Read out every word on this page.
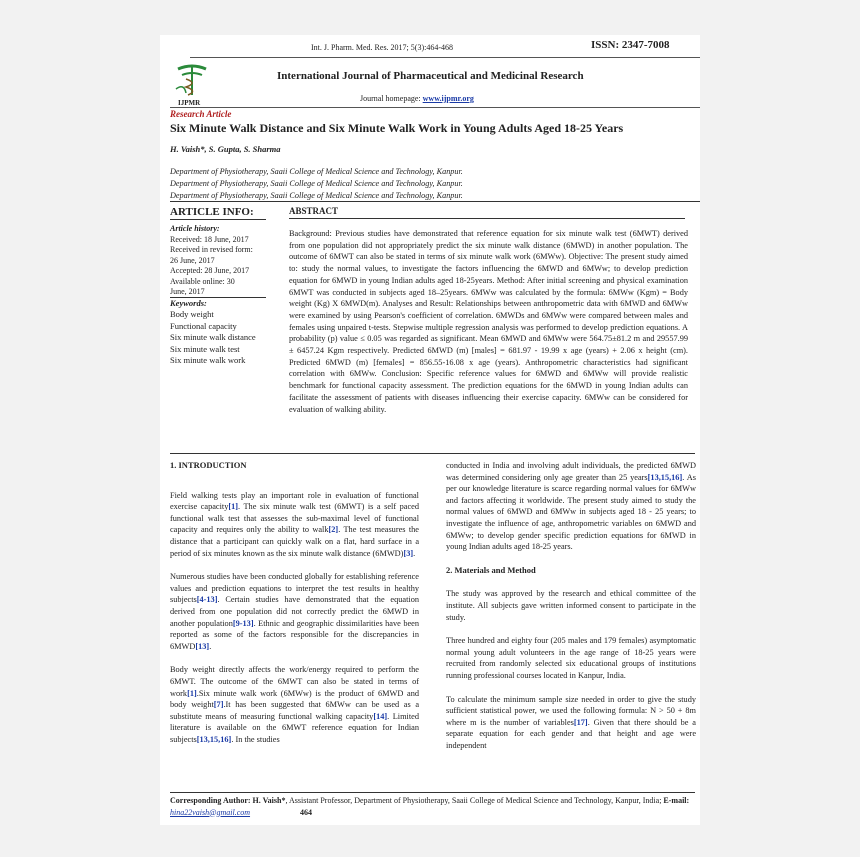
Int. J. Pharm. Med. Res. 2017; 5(3):464-468	ISSN: 2347-7008
IJPMR
International Journal of Pharmaceutical and Medicinal Research
Journal homepage: www.ijpmr.org
Research Article
Six Minute Walk Distance and Six Minute Walk Work in Young Adults Aged 18-25 Years
H. Vaish*, S. Gupta, S. Sharma
Department of Physiotherapy, Saaii College of Medical Science and Technology, Kanpur.
Department of Physiotherapy, Saaii College of Medical Science and Technology, Kanpur.
Department of Physiotherapy, Saaii College of Medical Science and Technology, Kanpur.
ARTICLE INFO:
Article history:
Received: 18 June, 2017
Received in revised form:
26 June, 2017
Accepted: 28 June, 2017
Available online: 30
June, 2017
Keywords:
Body weight
Functional capacity
Six minute walk distance
Six minute walk test
Six minute walk work
ABSTRACT
Background: Previous studies have demonstrated that reference equation for six minute walk test (6MWT) derived from one population did not appropriately predict the six minute walk distance (6MWD) in another population. The outcome of 6MWT can also be stated in terms of six minute walk work (6MWw). Objective: The present study aimed to: study the normal values, to investigate the factors influencing the 6MWD and 6MWw; to develop prediction equation for 6MWD in young Indian adults aged 18-25years. Method: After initial screening and physical examination 6MWT was conducted in subjects aged 18–25years. 6MWw was calculated by the formula: 6MWw (Kgm) = Body weight (Kg) X 6MWD(m). Analyses and Result: Relationships between anthropometric data with 6MWD and 6MWw were examined by using Pearson's coefficient of correlation. 6MWDs and 6MWw were compared between males and females using unpaired t-tests. Stepwise multiple regression analysis was performed to develop prediction equations. A probability (p) value ≤ 0.05 was regarded as significant. Mean 6MWD and 6MWw were 564.75±81.2 m and 29557.99 ± 6457.24 Kgm respectively. Predicted 6MWD (m) [males] = 681.97 - 19.99 x age (years) + 2.06 x height (cm). Predicted 6MWD (m) [females] = 856.55-16.08 x age (years). Anthropometric characteristics had significant correlation with 6MWw. Conclusion: Specific reference values for 6MWD and 6MWw will provide realistic benchmark for functional capacity assessment. The prediction equations for the 6MWD in young Indian adults can facilitate the assessment of patients with diseases influencing their exercise capacity. 6MWw can be considered for evaluation of walking ability.

1. INTRODUCTION

Field walking tests play an important role in evaluation of functional exercise capacity[1]. The six minute walk test (6MWT) is a self paced functional walk test that assesses the sub-maximal level of functional capacity and requires only the ability to walk[2]. The test measures the distance that a participant can quickly walk on a flat, hard surface in a period of six minutes known as the six minute walk distance (6MWD)[3].

Numerous studies have been conducted globally for establishing reference values and prediction equations to interpret the test results in healthy subjects[4-13]. Certain studies have demonstrated that the equation derived from one population did not correctly predict the 6MWD in another population[9-13]. Ethnic and geographic dissimilarities have been reported as some of the factors responsible for the discrepancies in 6MWD[13].

Body weight directly affects the work/energy required to perform the 6MWT. The outcome of the 6MWT can also be stated in terms of work[1].Six minute walk work (6MWw) is the product of 6MWD and body weight[7].It has been suggested that 6MWw can be used as a substitute means of measuring functional walking capacity[14]. Limited literature is available on the 6MWT reference equation for Indian subjects[13,15,16]. In the studies

conducted in India and involving adult individuals, the predicted 6MWD was determined considering only age greater than 25 years[13,15,16]. As per our knowledge literature is scarce regarding normal values for 6MWw and factors affecting it worldwide. The present study aimed to study the normal values of 6MWD and 6MWw in subjects aged 18 - 25 years; to investigate the influence of age, anthropometric variables on 6MWD and 6MWw; to develop gender specific prediction equations for 6MWD in young Indian adults aged 18-25 years.

2. Materials and Method

The study was approved by the research and ethical committee of the institute. All subjects gave written informed consent to participate in the study.

Three hundred and eighty four (205 males and 179 females) asymptomatic normal young adult volunteers in the age range of 18-25 years were recruited from randomly selected six educational groups of institutions running professional courses located in Kanpur, India.

To calculate the minimum sample size needed in order to give the study sufficient statistical power, we used the following formula: N > 50 + 8m where m is the number of variables[17]. Given that there should be a separate equation for each gender and that height and age were independent

Corresponding Author: H. Vaish*, Assistant Professor, Department of Physiotherapy, Saaii College of Medical Science and Technology, Kanpur, India; E-mail: hina22vaish@gmail.com	464
